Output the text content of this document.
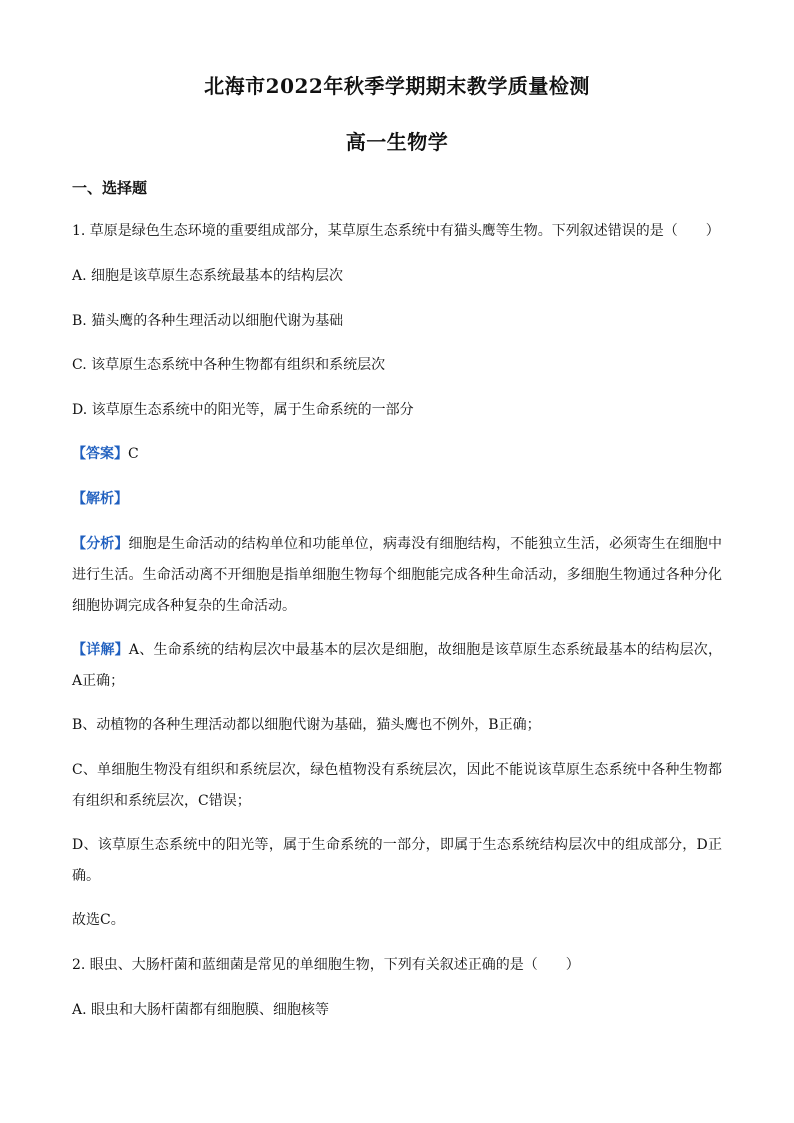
北海市2022年秋季学期期末教学质量检测
高一生物学
一、选择题
1. 草原是绿色生态环境的重要组成部分，某草原生态系统中有猫头鹰等生物。下列叙述错误的是（　　）
A. 细胞是该草原生态系统最基本的结构层次
B. 猫头鹰的各种生理活动以细胞代谢为基础
C. 该草原生态系统中各种生物都有组织和系统层次
D. 该草原生态系统中的阳光等，属于生命系统的一部分
【答案】C
【解析】
【分析】细胞是生命活动的结构单位和功能单位，病毒没有细胞结构，不能独立生活，必须寄生在细胞中进行生活。生命活动离不开细胞是指单细胞生物每个细胞能完成各种生命活动，多细胞生物通过各种分化细胞协调完成各种复杂的生命活动。
【详解】A、生命系统的结构层次中最基本的层次是细胞，故细胞是该草原生态系统最基本的结构层次，A正确；
B、动植物的各种生理活动都以细胞代谢为基础，猫头鹰也不例外，B正确；
C、单细胞生物没有组织和系统层次，绿色植物没有系统层次，因此不能说该草原生态系统中各种生物都有组织和系统层次，C错误；
D、该草原生态系统中的阳光等，属于生命系统的一部分，即属于生态系统结构层次中的组成部分，D正确。
故选C。
2. 眼虫、大肠杆菌和蓝细菌是常见的单细胞生物，下列有关叙述正确的是（　　）
A. 眼虫和大肠杆菌都有细胞膜、细胞核等
